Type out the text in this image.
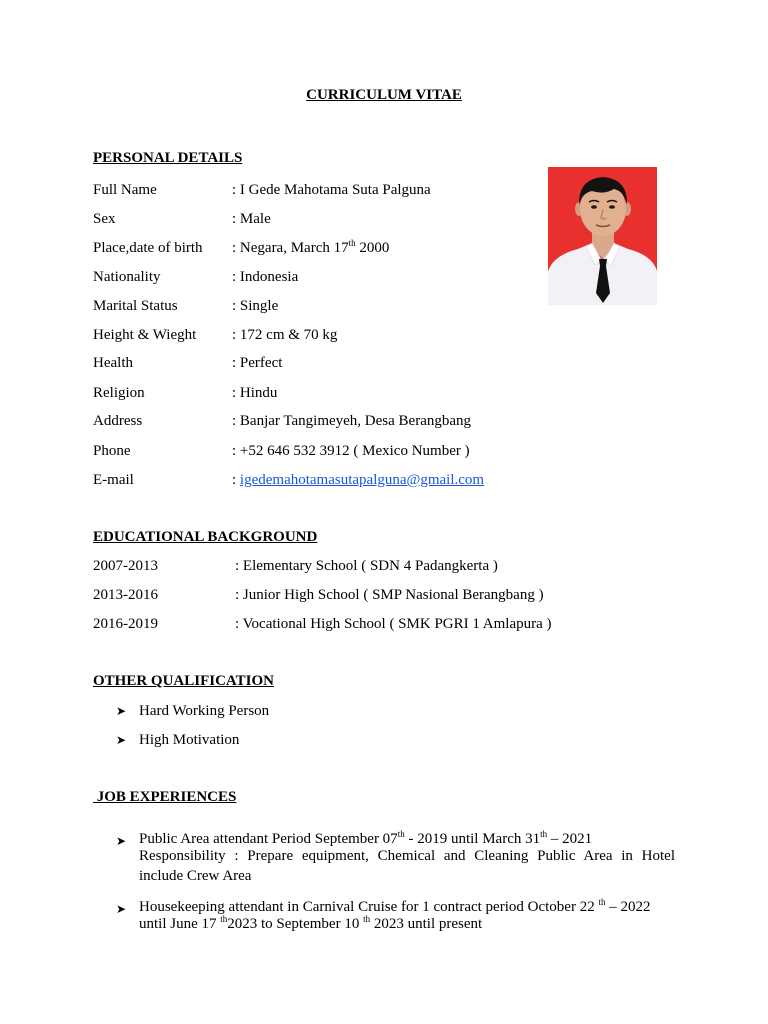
CURRICULUM VITAE
PERSONAL DETAILS
Full Name	: I Gede Mahotama Suta Palguna
Sex	: Male
Place,date of birth : Negara, March 17th 2000
Nationality	: Indonesia
Marital Status	: Single
Height & Wieght : 172 cm & 70 kg
Health	: Perfect
Religion	: Hindu
Address	: Banjar Tangimeyeh, Desa Berangbang
Phone	: +52 646 532 3912 ( Mexico Number )
E-mail	: igedemahotamasutapalguna@gmail.com
EDUCATIONAL BACKGROUND
2007-2013	: Elementary School ( SDN 4 Padangkerta )
2013-2016	: Junior High School ( SMP Nasional Berangbang )
2016-2019	: Vocational High School ( SMK PGRI 1 Amlapura )
OTHER QUALIFICATION
➤ Hard Working Person
➤ High Motivation
JOB EXPERIENCES
➤ Public Area attendant Period September 07th - 2019 until March 31th – 2021
Responsibility : Prepare equipment, Chemical and Cleaning Public Area in Hotel
include Crew Area
➤ Housekeeping attendant in Carnival Cruise for 1 contract period October 22 $^{th}$ – 2022
until June 17 $^{th}$2023 to September 10 $^{th}$ 2023 until present
